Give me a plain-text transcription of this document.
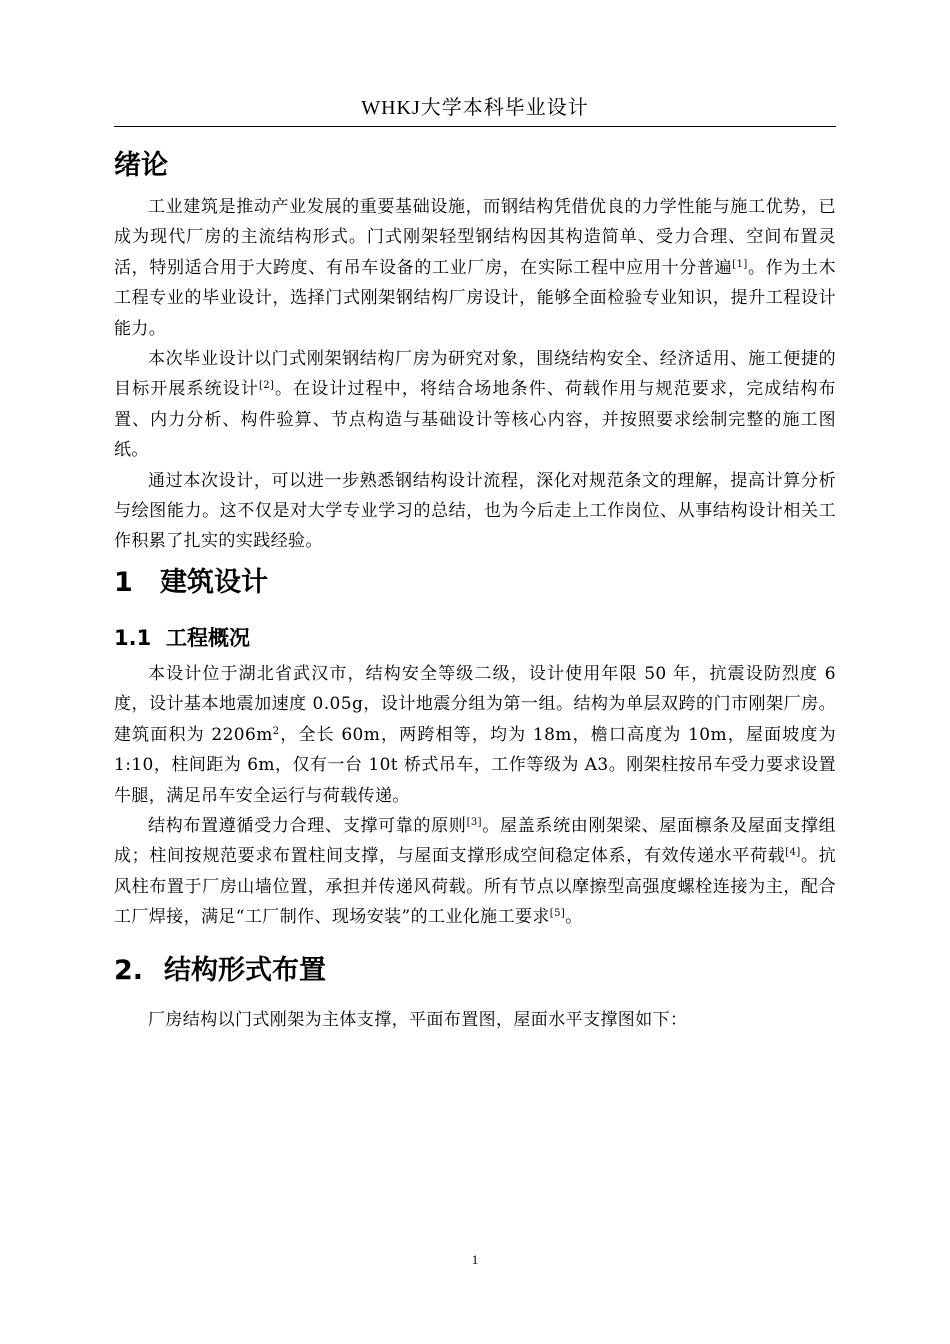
WHKJ大学本科毕业设计
绪论

工业建筑是推动产业发展的重要基础设施，而钢结构凭借优良的力学性能与施工优势，已成为现代厂房的主流结构形式。门式刚架轻型钢结构因其构造简单、受力合理、空间布置灵活，特别适合用于大跨度、有吊车设备的工业厂房，在实际工程中应用十分普遍[1]。作为土木工程专业的毕业设计，选择门式刚架钢结构厂房设计，能够全面检验专业知识，提升工程设计能力。

本次毕业设计以门式刚架钢结构厂房为研究对象，围绕结构安全、经济适用、施工便捷的目标开展系统设计[2]。在设计过程中，将结合场地条件、荷载作用与规范要求，完成结构布置、内力分析、构件验算、节点构造与基础设计等核心内容，并按照要求绘制完整的施工图纸。

通过本次设计，可以进一步熟悉钢结构设计流程，深化对规范条文的理解，提高计算分析与绘图能力。这不仅是对大学专业学习的总结，也为今后走上工作岗位、从事结构设计相关工作积累了扎实的实践经验。

1 建筑设计
1.1 工程概况

本设计位于湖北省武汉市，结构安全等级二级，设计使用年限 50 年，抗震设防烈度 6 度，设计基本地震加速度 0.05g，设计地震分组为第一组。结构为单层双跨的门市刚架厂房。建筑面积为 $2206m^2$，全长 60m，两跨相等，均为 18m，檐口高度为 10m，屋面坡度为 1:10，柱间距为 6m，仅有一台 10t 桥式吊车，工作等级为 A3。刚架柱按吊车受力要求设置牛腿，满足吊车安全运行与荷载传递。

结构布置遵循受力合理、支撑可靠的原则[3]。屋盖系统由刚架梁、屋面檩条及屋面支撑组成；柱间按规范要求布置柱间支撑，与屋面支撑形成空间稳定体系，有效传递水平荷载[4]。抗风柱布置于厂房山墙位置，承担并传递风荷载。所有节点以摩擦型高强度螺栓连接为主，配合工厂焊接，满足“工厂制作、现场安装”的工业化施工要求[5]。

2. 结构形式布置

厂房结构以门式刚架为主体支撑，平面布置图，屋面水平支撑图如下：

1
